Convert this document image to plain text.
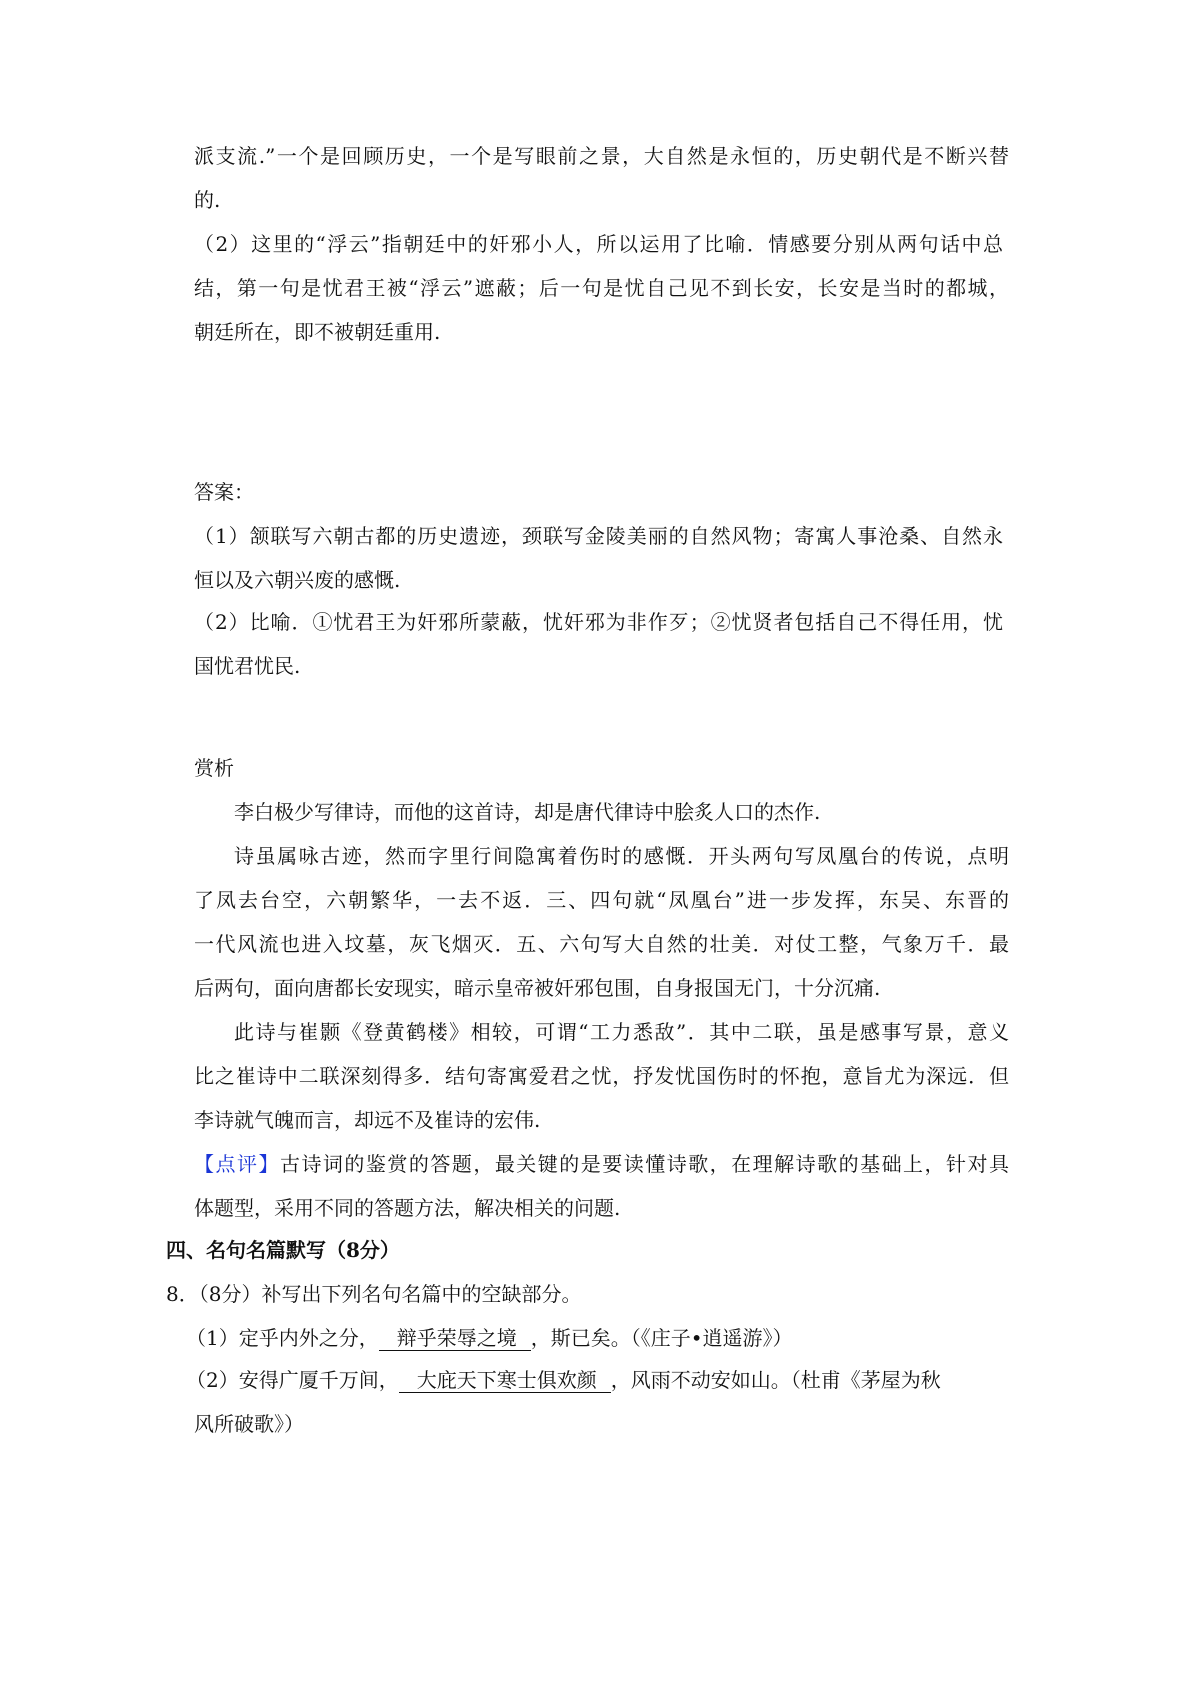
派支流.”一个是回顾历史，一个是写眼前之景，大自然是永恒的，历史朝代是不断兴替
的.
（2）这里的“浮云”指朝廷中的奸邪小人，所以运用了比喻．情感要分别从两句话中总
结，第一句是忧君王被“浮云”遮蔽；后一句是忧自己见不到长安，长安是当时的都城，
朝廷所在，即不被朝廷重用.
答案：
（1）颔联写六朝古都的历史遗迹，颈联写金陵美丽的自然风物；寄寓人事沧桑、自然永
恒以及六朝兴废的感慨.
（2）比喻．①忧君王为奸邪所蒙蔽，忧奸邪为非作歹；②忧贤者包括自己不得任用，忧
国忧君忧民.
赏析
李白极少写律诗，而他的这首诗，却是唐代律诗中脍炙人口的杰作.
诗虽属咏古迹，然而字里行间隐寓着伤时的感慨．开头两句写凤凰台的传说，点明
了凤去台空，六朝繁华，一去不返．三、四句就“凤凰台”进一步发挥，东吴、东晋的
一代风流也进入坟墓，灰飞烟灭．五、六句写大自然的壮美．对仗工整，气象万千．最
后两句，面向唐都长安现实，暗示皇帝被奸邪包围，自身报国无门，十分沉痛.
此诗与崔颢《登黄鹤楼》相较，可谓“工力悉敌”．其中二联，虽是感事写景，意义
比之崔诗中二联深刻得多．结句寄寓爱君之忧，抒发忧国伤时的怀抱，意旨尤为深远．但
李诗就气魄而言，却远不及崔诗的宏伟.
【点评】古诗词的鉴赏的答题，最关键的是要读懂诗歌，在理解诗歌的基础上，针对具
体题型，采用不同的答题方法，解决相关的问题.
四、名句名篇默写（8分）
8．（8分）补写出下列名句名篇中的空缺部分。
（1）定乎内外之分， 辩乎荣辱之境 ，斯已矣。（《庄子•逍遥游》）
（2）安得广厦千万间， 大庇天下寒士俱欢颜 ，风雨不动安如山。（杜甫《茅屋为秋
风所破歌》）
